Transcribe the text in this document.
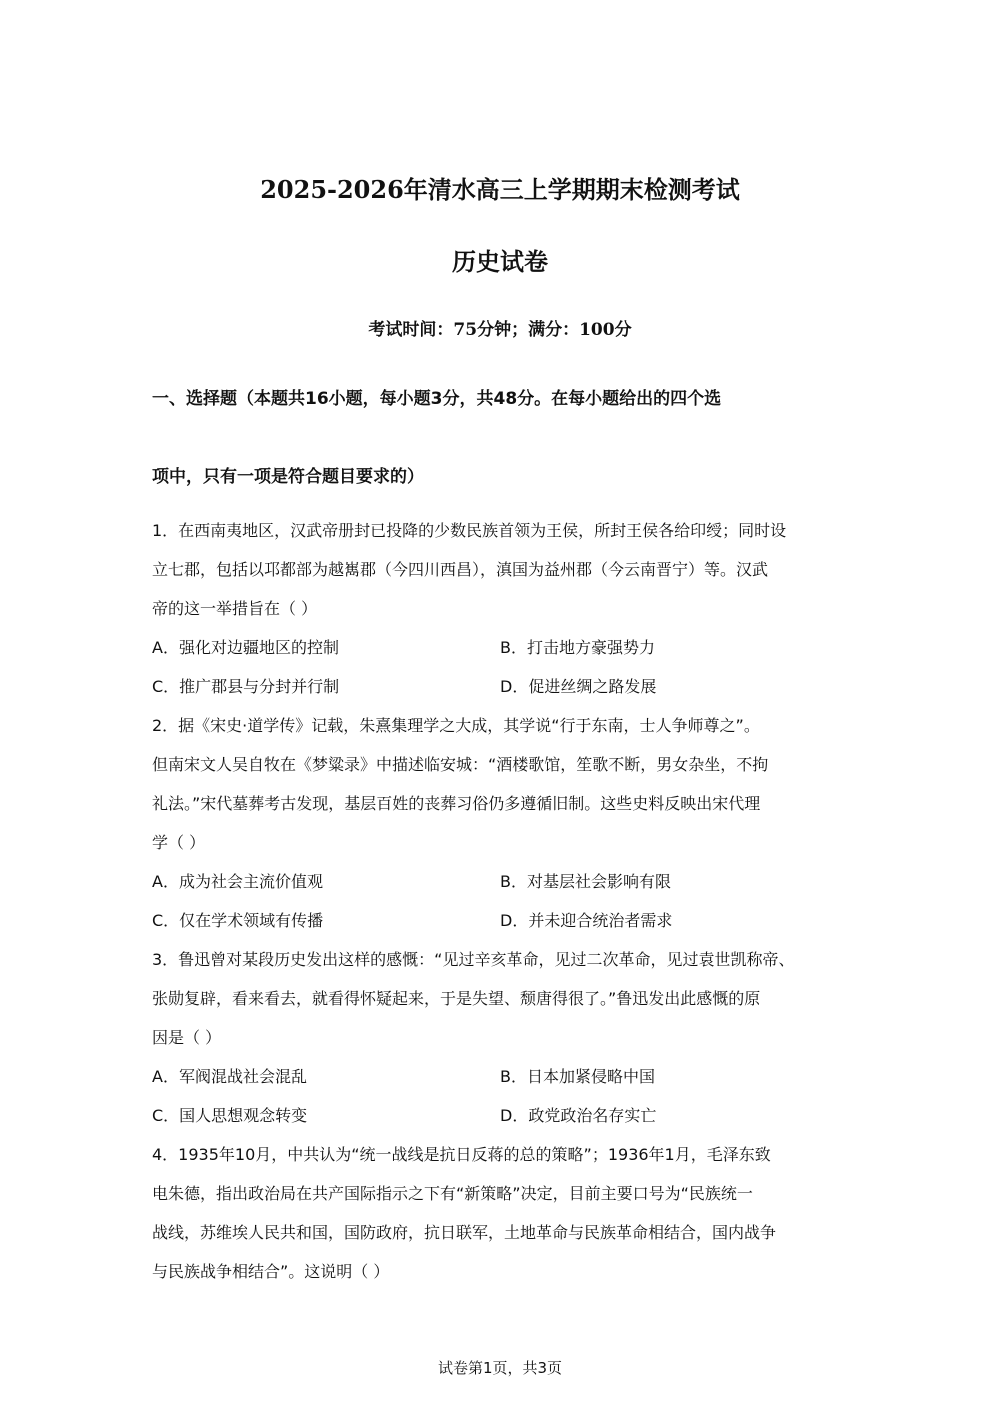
2025-2026年清水高三上学期期末检测考试
历史试卷
考试时间：75分钟；满分：100分
一、选择题（本题共16小题，每小题3分，共48分。在每小题给出的四个选
项中，只有一项是符合题目要求的）
1．在西南夷地区，汉武帝册封已投降的少数民族首领为王侯，所封王侯各给印绶；同时设
立七郡，包括以邛都部为越嶲郡（今四川西昌），滇国为益州郡（今云南晋宁）等。汉武
帝的这一举措旨在（ ）
A．强化对边疆地区的控制	B．打击地方豪强势力
C．推广郡县与分封并行制	D．促进丝绸之路发展
2．据《宋史·道学传》记载，朱熹集理学之大成，其学说“行于东南，士人争师尊之”。
但南宋文人吴自牧在《梦粱录》中描述临安城：“酒楼歌馆，笙歌不断，男女杂坐，不拘
礼法。”宋代墓葬考古发现，基层百姓的丧葬习俗仍多遵循旧制。这些史料反映出宋代理
学（ ）
A．成为社会主流价值观	B．对基层社会影响有限
C．仅在学术领域有传播	D．并未迎合统治者需求
3．鲁迅曾对某段历史发出这样的感慨：“见过辛亥革命，见过二次革命，见过袁世凯称帝、
张勋复辟，看来看去，就看得怀疑起来，于是失望、颓唐得很了。”鲁迅发出此感慨的原
因是（ ）
A．军阀混战社会混乱	B．日本加紧侵略中国
C．国人思想观念转变	D．政党政治名存实亡
4．1935年10月，中共认为“统一战线是抗日反蒋的总的策略”；1936年1月，毛泽东致
电朱德，指出政治局在共产国际指示之下有“新策略”决定，目前主要口号为“民族统一
战线，苏维埃人民共和国，国防政府，抗日联军，土地革命与民族革命相结合，国内战争
与民族战争相结合”。这说明（ ）
试卷第1页，共3页
